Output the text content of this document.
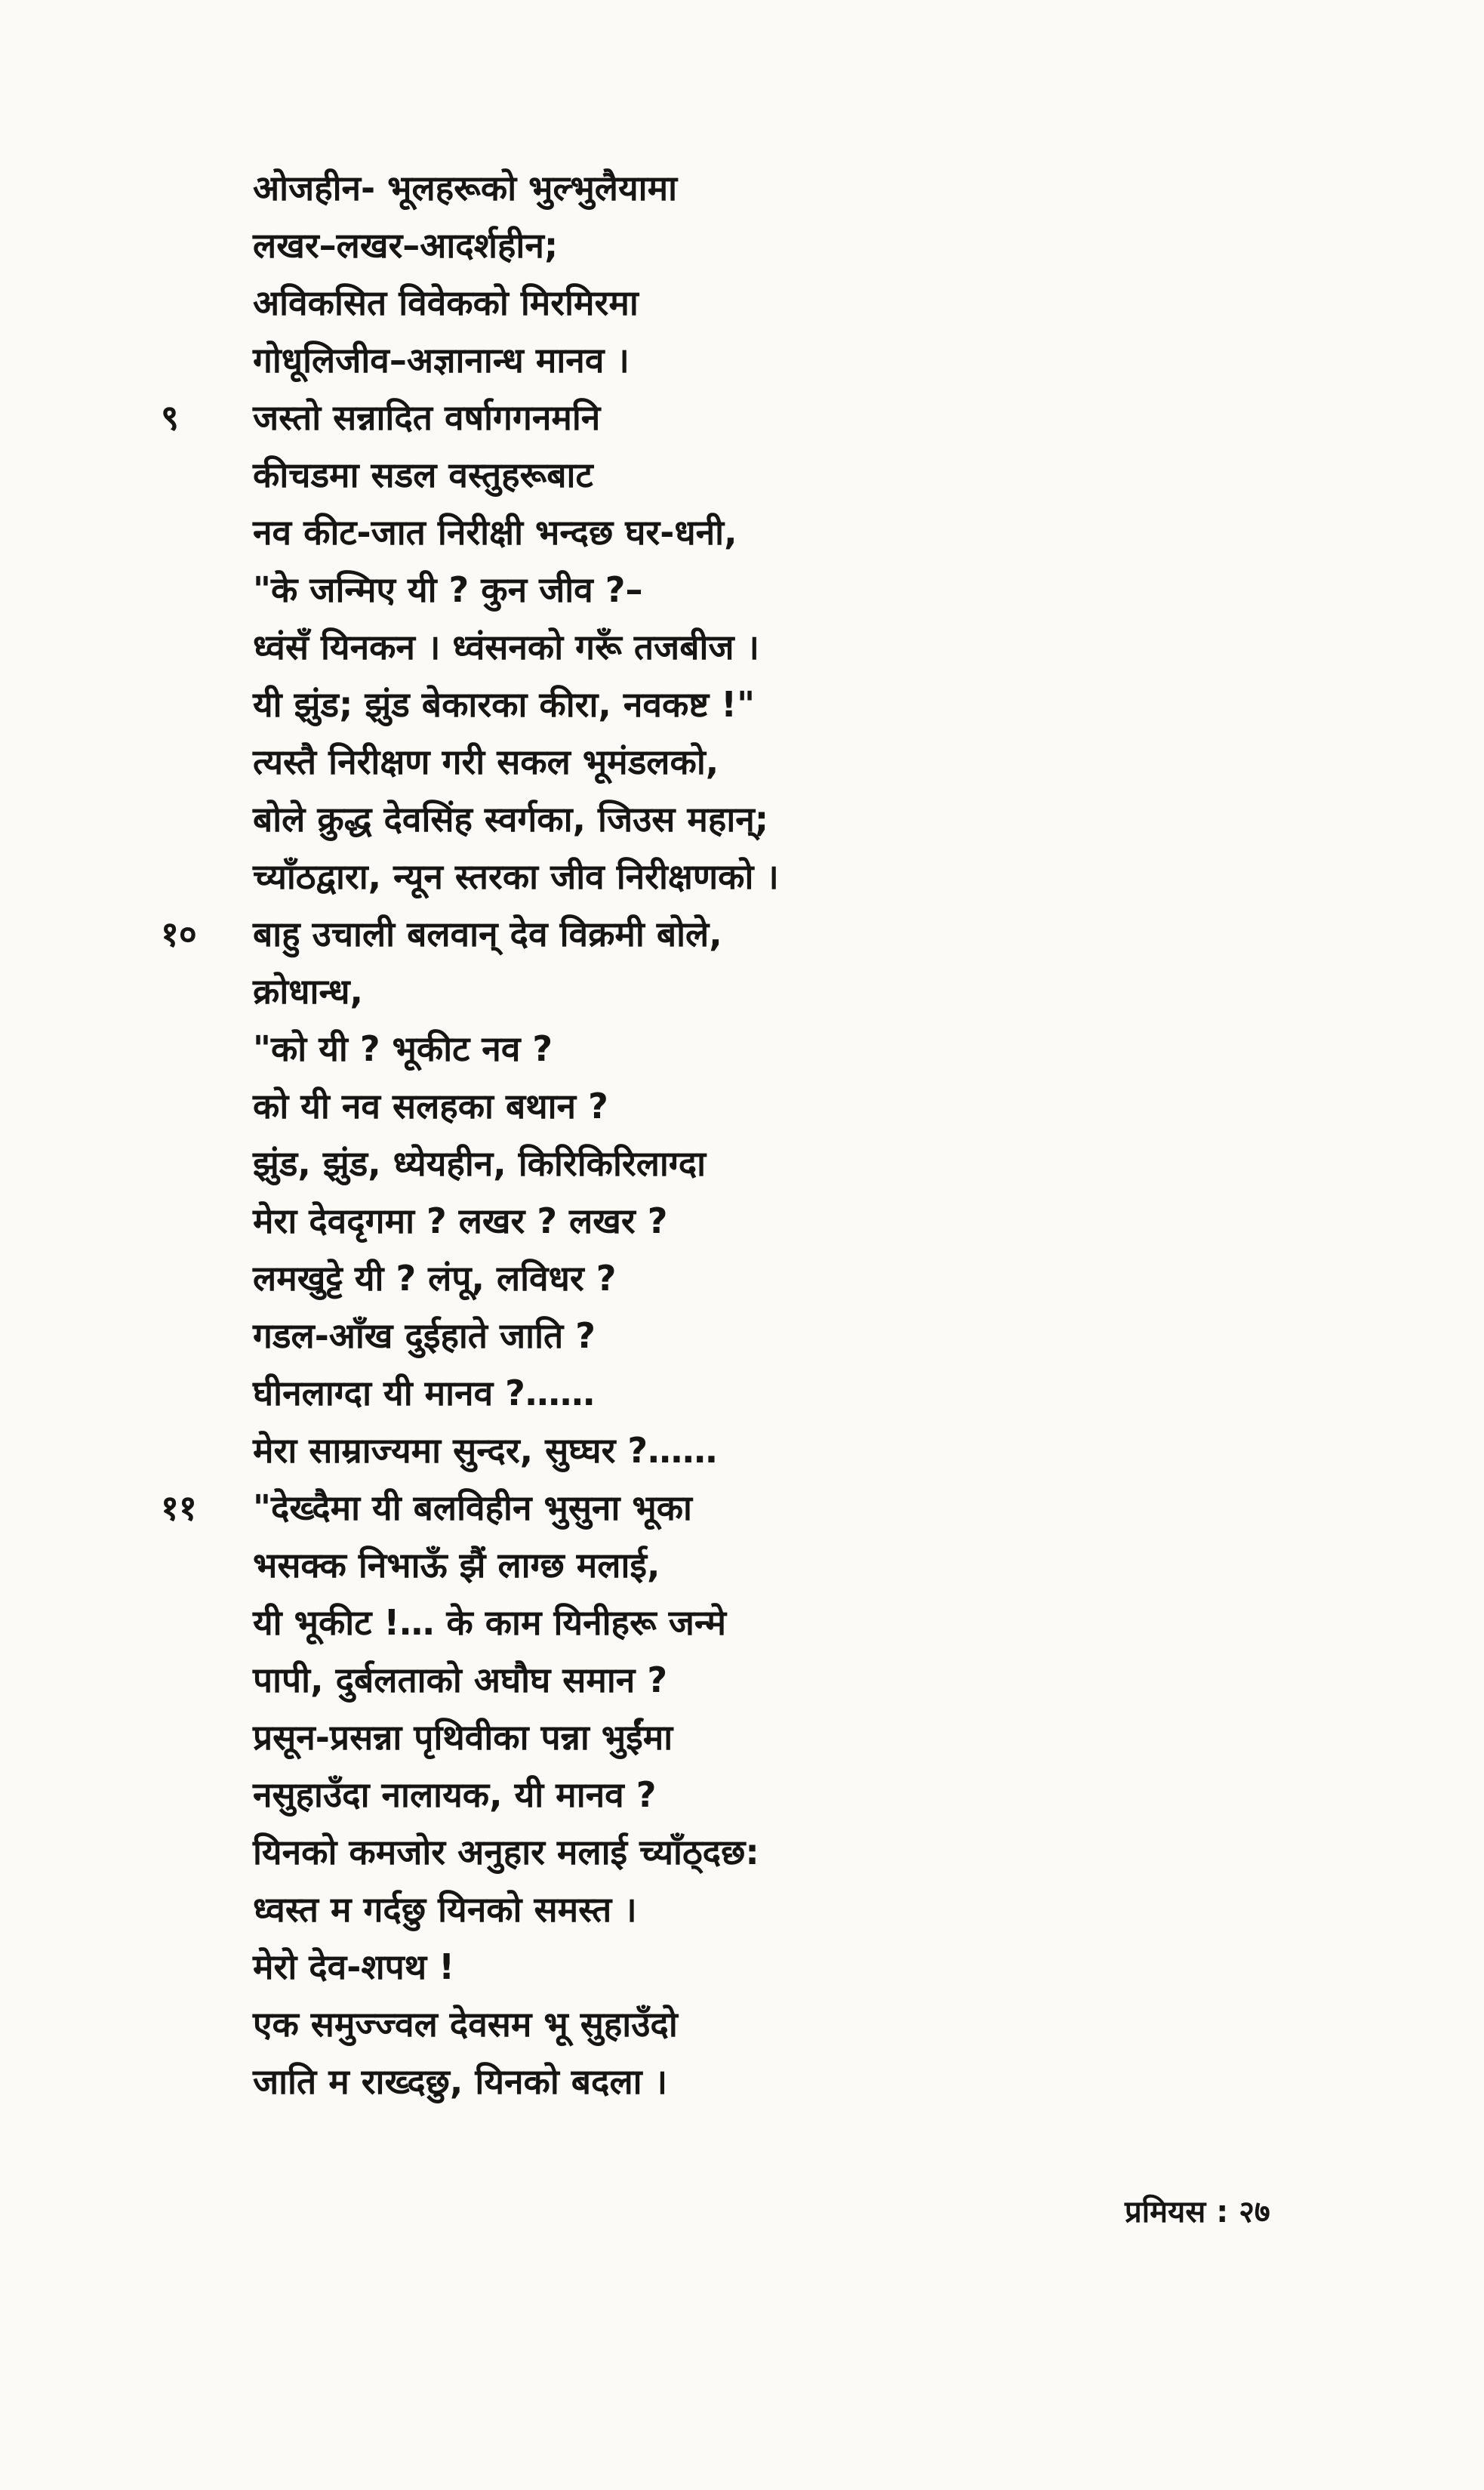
ओजहीन- भूलहरूको भुल्भुलैयामा
लखर–लखर–आदर्शहीन;
अविकसित विवेकको मिरमिरमा
गोधूलिजीव–अज्ञानान्ध मानव ।
९ जस्तो सन्नादित वर्षागगनमनि
कीचडमा सडल वस्तुहरूबाट
नव कीट-जात निरीक्षी भन्दछ घर-धनी,
"के जन्मिए यी ? कुन जीव ?–
ध्वंसँ यिनकन । ध्वंसनको गरूँ तजबीज ।
यी झुंड; झुंड बेकारका कीरा, नवकष्ट !"
त्यस्तै निरीक्षण गरी सकल भूमंडलको,
बोले क्रुद्ध देवसिंह स्वर्गका, जिउस महान्;
च्याँठद्वारा, न्यून स्तरका जीव निरीक्षणको ।
१० बाहु उचाली बलवान् देव विक्रमी बोले,
क्रोधान्ध,
"को यी ? भूकीट नव ?
को यी नव सलहका बथान ?
झुंड, झुंड, ध्येयहीन, किरिकिरिलाग्दा
मेरा देवदृगमा ? लखर ? लखर ?
लमखुट्टे यी ? लंपू, लविधर ?
गडल-आँख दुईहाते जाति ?
घीनलाग्दा यी मानव ?……
मेरा साम्राज्यमा सुन्दर, सुघ्घर ?……
११ "देख्दैमा यी बलविहीन भुसुना भूका
भसक्क निभाऊँ झैं लाग्छ मलाई,
यी भूकीट !… के काम यिनीहरू जन्मे
पापी, दुर्बलताको अघौघ समान ?
प्रसून-प्रसन्ना पृथिवीका पन्ना भुईंमा
नसुहाउँदा नालायक, यी मानव ?
यिनको कमजोर अनुहार मलाई च्याँठ्दछ:
ध्वस्त म गर्दछु यिनको समस्त ।
मेरो देव-शपथ !
एक समुज्ज्वल देवसम भू सुहाउँदो
जाति म राख्दछु, यिनको बदला ।
प्रमियस : २७
